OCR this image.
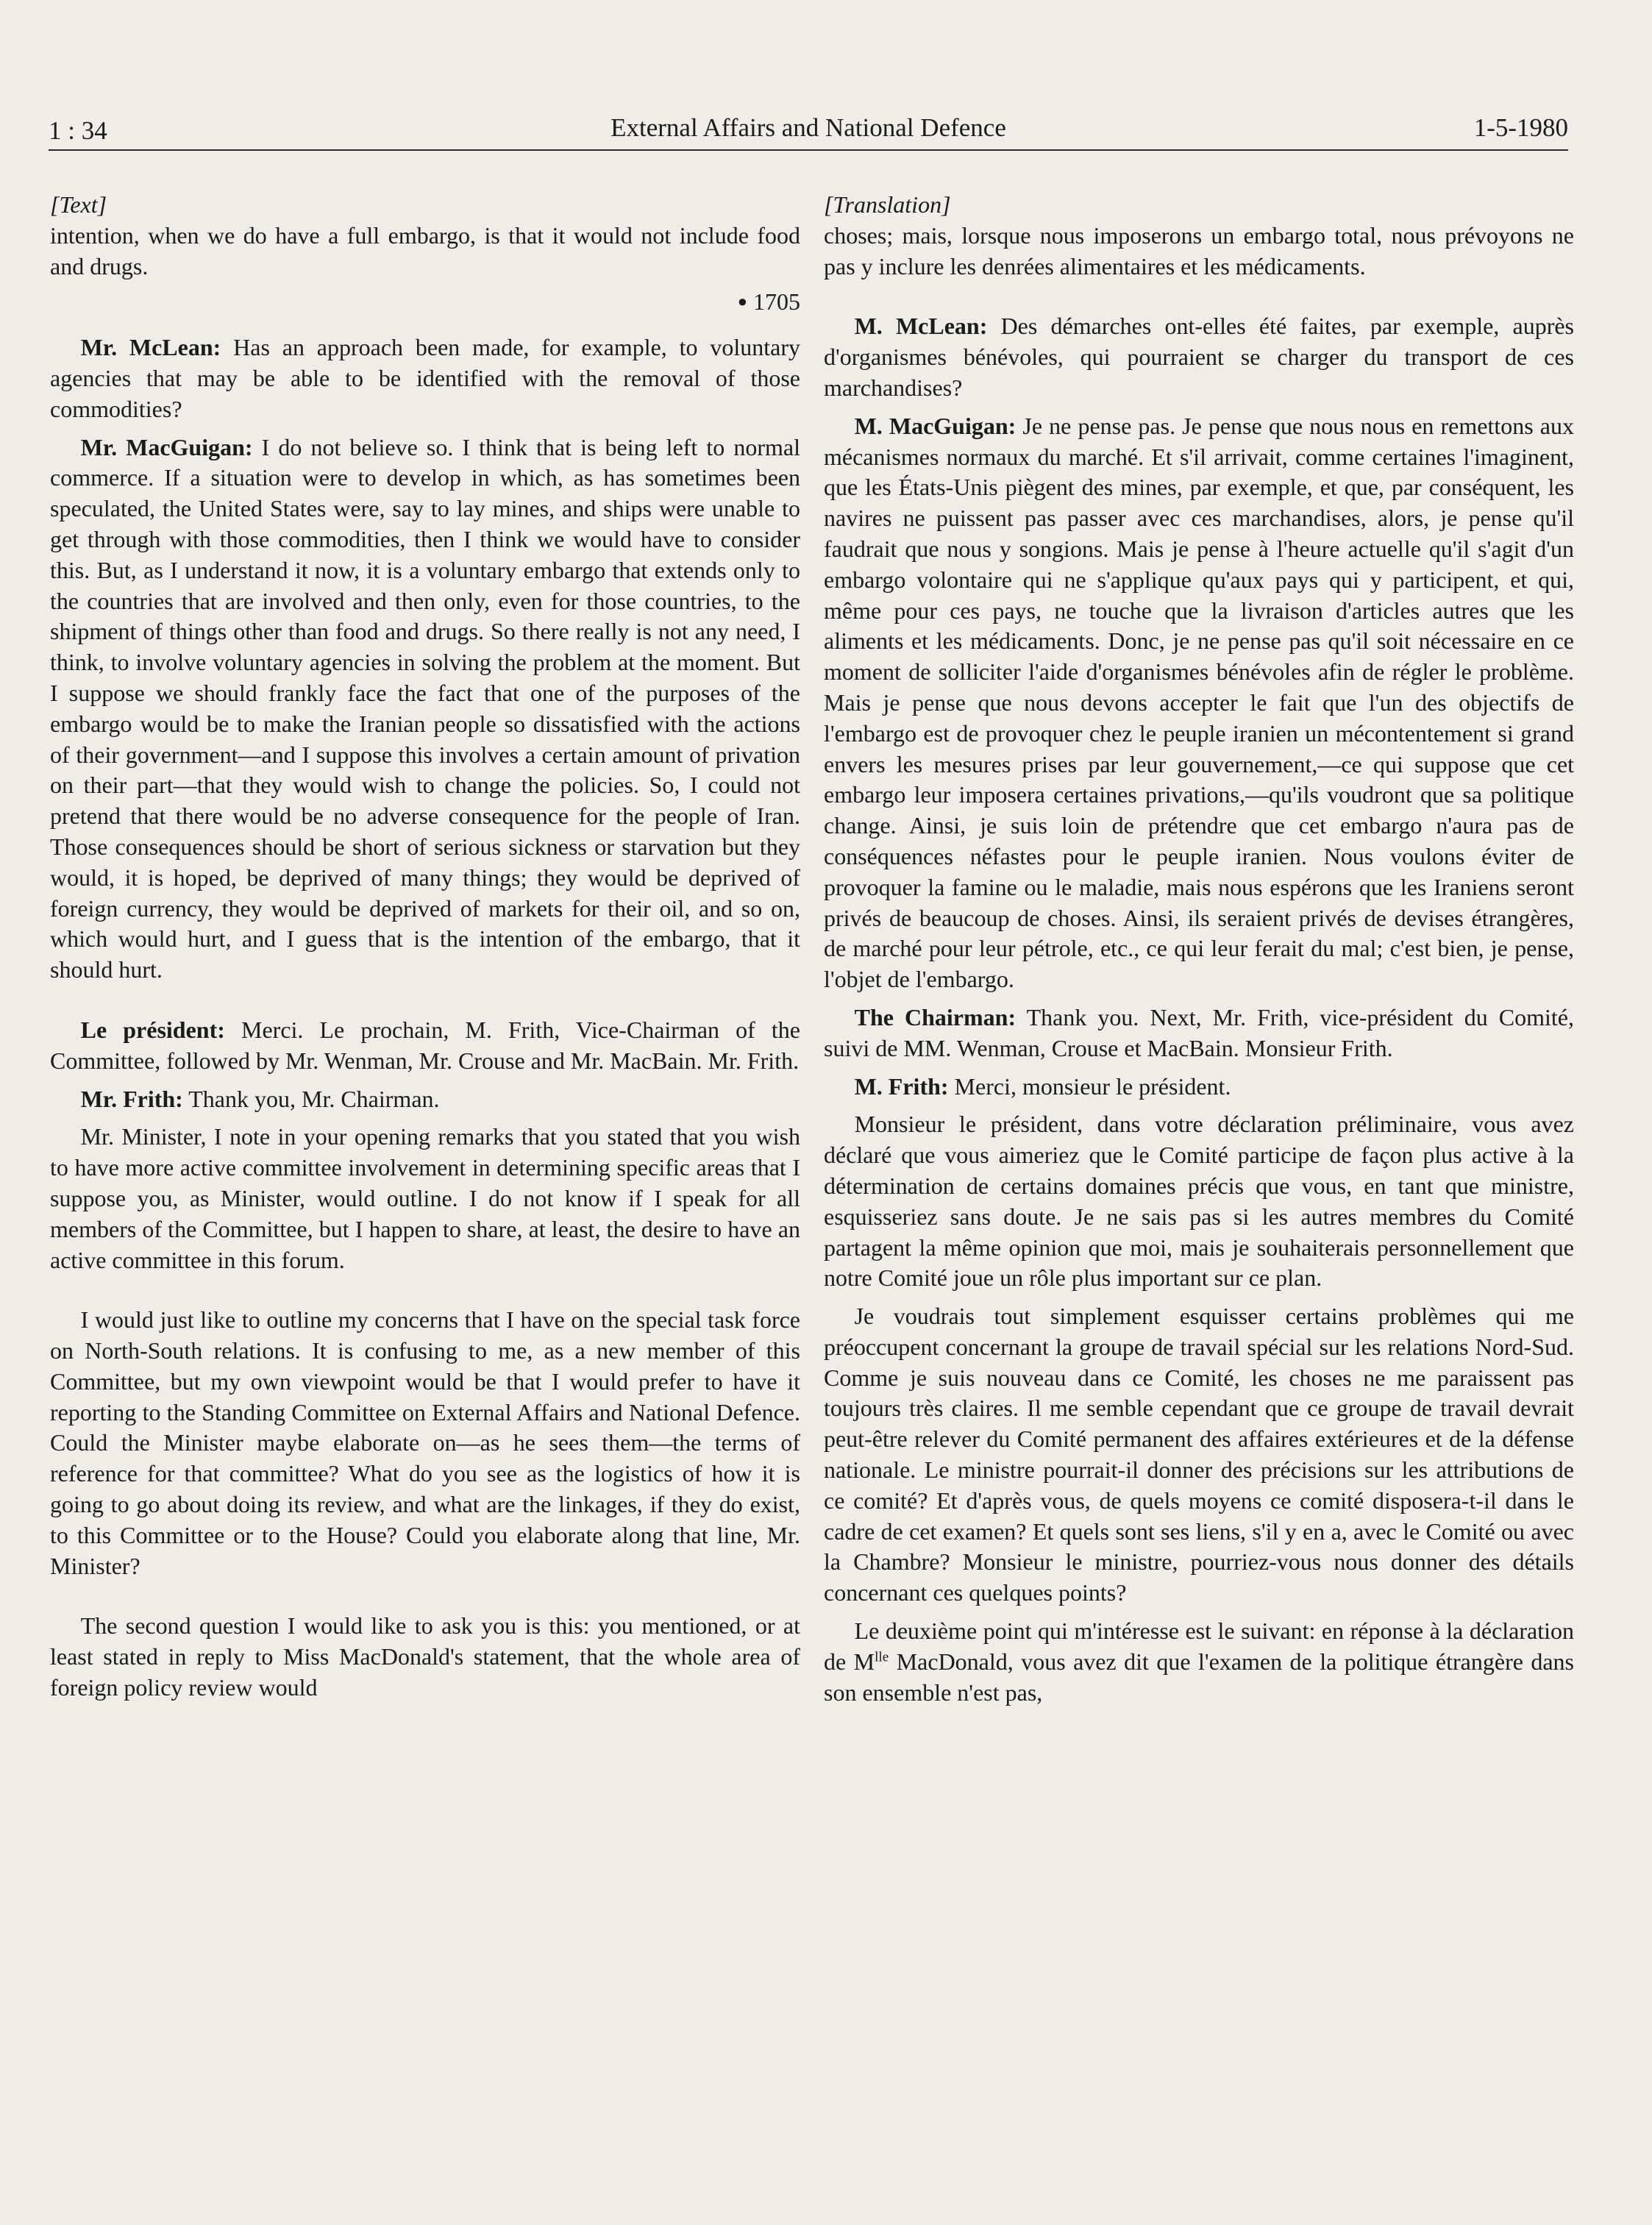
1 : 34	External Affairs and National Defence	1-5-1980

[Text]

intention, when we do have a full embargo, is that it would not include food and drugs.

● 1705

Mr. McLean: Has an approach been made, for example, to voluntary agencies that may be able to be identified with the removal of those commodities?

Mr. MacGuigan: I do not believe so. I think that is being left to normal commerce. If a situation were to develop in which, as has sometimes been speculated, the United States were, say to lay mines, and ships were unable to get through with those commodities, then I think we would have to consider this. But, as I understand it now, it is a voluntary embargo that extends only to the countries that are involved and then only, even for those countries, to the shipment of things other than food and drugs. So there really is not any need, I think, to involve voluntary agencies in solving the problem at the moment. But I suppose we should frankly face the fact that one of the purposes of the embargo would be to make the Iranian people so dissatisfied with the actions of their government—and I suppose this involves a certain amount of privation on their part—that they would wish to change the policies. So, I could not pretend that there would be no adverse consequence for the people of Iran. Those consequences should be short of serious sickness or starvation but they would, it is hoped, be deprived of many things; they would be deprived of foreign currency, they would be deprived of markets for their oil, and so on, which would hurt, and I guess that is the intention of the embargo, that it should hurt.

Le président: Merci. Le prochain, M. Frith, Vice-Chairman of the Committee, followed by Mr. Wenman, Mr. Crouse and Mr. MacBain. Mr. Frith.

Mr. Frith: Thank you, Mr. Chairman.

Mr. Minister, I note in your opening remarks that you stated that you wish to have more active committee involvement in determining specific areas that I suppose you, as Minister, would outline. I do not know if I speak for all members of the Committee, but I happen to share, at least, the desire to have an active committee in this forum.

I would just like to outline my concerns that I have on the special task force on North-South relations. It is confusing to me, as a new member of this Committee, but my own viewpoint would be that I would prefer to have it reporting to the Standing Committee on External Affairs and National Defence. Could the Minister maybe elaborate on—as he sees them—the terms of reference for that committee? What do you see as the logistics of how it is going to go about doing its review, and what are the linkages, if they do exist, to this Committee or to the House? Could you elaborate along that line, Mr. Minister?

The second question I would like to ask you is this: you mentioned, or at least stated in reply to Miss MacDonald's statement, that the whole area of foreign policy review would

[Translation]

choses; mais, lorsque nous imposerons un embargo total, nous prévoyons ne pas y inclure les denrées alimentaires et les médicaments.

M. McLean: Des démarches ont-elles été faites, par exemple, auprès d'organismes bénévoles, qui pourraient se charger du transport de ces marchandises?

M. MacGuigan: Je ne pense pas. Je pense que nous nous en remettons aux mécanismes normaux du marché. Et s'il arrivait, comme certaines l'imaginent, que les États-Unis piègent des mines, par exemple, et que, par conséquent, les navires ne puissent pas passer avec ces marchandises, alors, je pense qu'il faudrait que nous y songions. Mais je pense à l'heure actuelle qu'il s'agit d'un embargo volontaire qui ne s'applique qu'aux pays qui y participent, et qui, même pour ces pays, ne touche que la livraison d'articles autres que les aliments et les médicaments. Donc, je ne pense pas qu'il soit nécessaire en ce moment de solliciter l'aide d'organismes bénévoles afin de régler le problème. Mais je pense que nous devons accepter le fait que l'un des objectifs de l'embargo est de provoquer chez le peuple iranien un mécontentement si grand envers les mesures prises par leur gouvernement,—ce qui suppose que cet embargo leur imposera certaines privations,—qu'ils voudront que sa politique change. Ainsi, je suis loin de prétendre que cet embargo n'aura pas de conséquences néfastes pour le peuple iranien. Nous voulons éviter de provoquer la famine ou le maladie, mais nous espérons que les Iraniens seront privés de beaucoup de choses. Ainsi, ils seraient privés de devises étrangères, de marché pour leur pétrole, etc., ce qui leur ferait du mal; c'est bien, je pense, l'objet de l'embargo.

The Chairman: Thank you. Next, Mr. Frith, vice-président du Comité, suivi de MM. Wenman, Crouse et MacBain. Monsieur Frith.

M. Frith: Merci, monsieur le président.

Monsieur le président, dans votre déclaration préliminaire, vous avez déclaré que vous aimeriez que le Comité participe de façon plus active à la détermination de certains domaines précis que vous, en tant que ministre, esquisseriez sans doute. Je ne sais pas si les autres membres du Comité partagent la même opinion que moi, mais je souhaiterais personnellement que notre Comité joue un rôle plus important sur ce plan.

Je voudrais tout simplement esquisser certains problèmes qui me préoccupent concernant la groupe de travail spécial sur les relations Nord-Sud. Comme je suis nouveau dans ce Comité, les choses ne me paraissent pas toujours très claires. Il me semble cependant que ce groupe de travail devrait peut-être relever du Comité permanent des affaires extérieures et de la défense nationale. Le ministre pourrait-il donner des précisions sur les attributions de ce comité? Et d'après vous, de quels moyens ce comité disposera-t-il dans le cadre de cet examen? Et quels sont ses liens, s'il y en a, avec le Comité ou avec la Chambre? Monsieur le ministre, pourriez-vous nous donner des détails concernant ces quelques points?

Le deuxième point qui m'intéresse est le suivant: en réponse à la déclaration de $M^{lle}$ MacDonald, vous avez dit que l'examen de la politique étrangère dans son ensemble n'est pas,
